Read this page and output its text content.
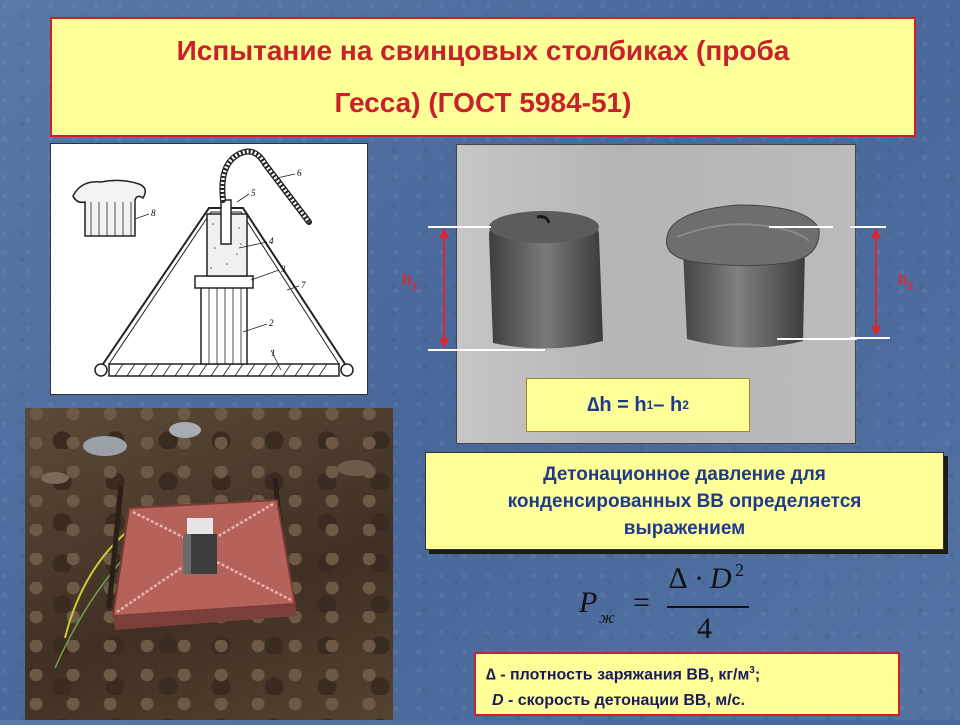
Испытание на свинцовых столбиках (проба
Гесса) (ГОСТ 5984-51)
8
1
2
3
4
5
6
7	$h_1$	$h_2$
∆h = h 1 – h 2
Детонационное давление для
конденсированных ВВ определяется
выражением
P ж =
∆ · D 2
4
∆ - плотность заряжания ВВ, $кг/м^3$;
D - скорость детонации ВВ, м/с.
